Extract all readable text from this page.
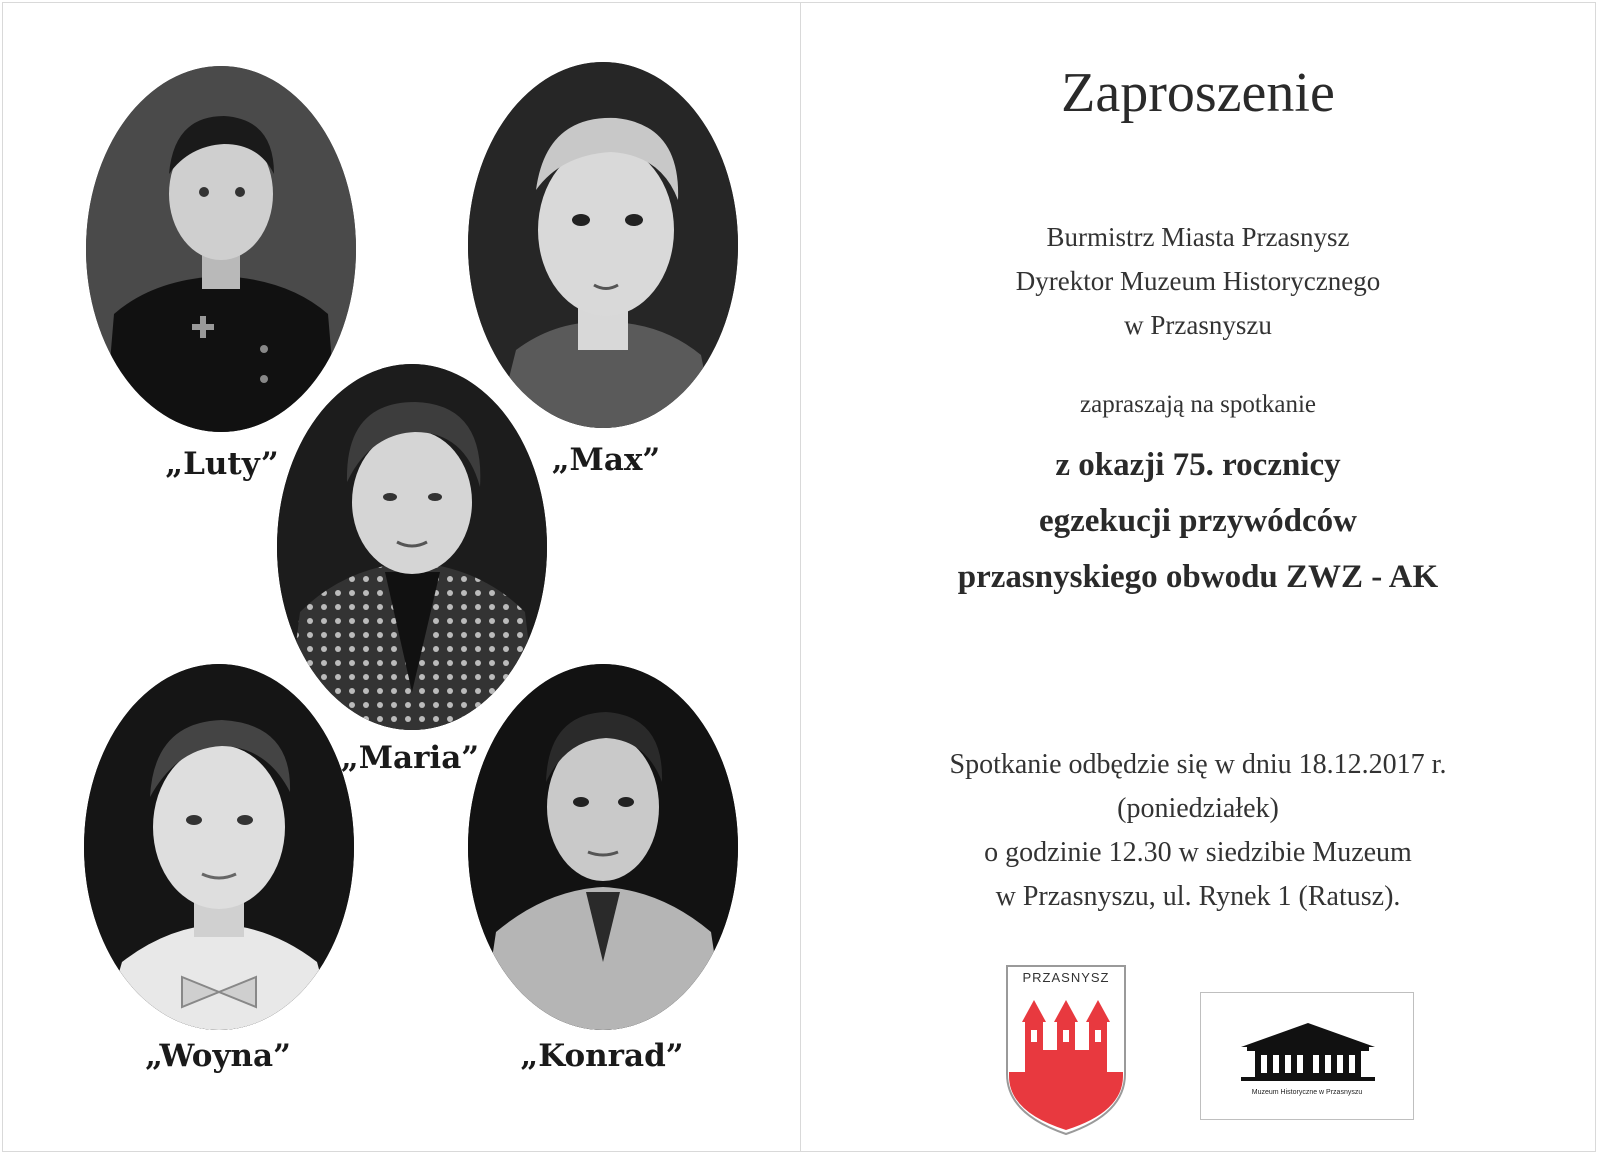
„Luty”	„Max”
„Maria”
„Woyna”	„Konrad”
Zaproszenie
Burmistrz Miasta Przasnysz
Dyrektor Muzeum Historycznego
w Przasnyszu
zapraszają na spotkanie
z okazji 75. rocznicy
egzekucji przywódców
przasnyskiego obwodu ZWZ - AK
Spotkanie odbędzie się w dniu 18.12.2017 r.
(poniedziałek)
o godzinie 12.30 w siedzibie Muzeum
w Przasnyszu, ul. Rynek 1 (Ratusz).
PRZASNYSZ
Muzeum Historyczne w Przasnyszu
